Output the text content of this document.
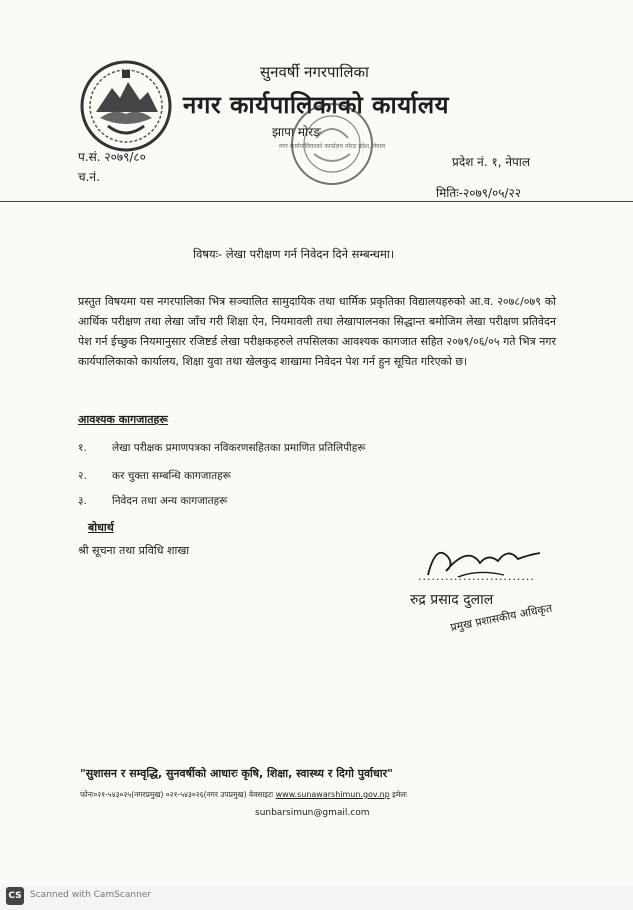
सुनवर्षी नगरपालिका
नगर कार्यपालिकाको कार्यालय
झापा मोरङ
नगर कार्यपालिकाको कार्यालय मोरङ प्रदेश, नेपाल
प.सं. २०७९/८०
च.नं.
प्रदेश नं. १, नेपाल
मितिः-२०७९/०५/२२
विषयः- लेखा परीक्षण गर्न निवेदन दिने सम्बन्धमा।
प्रस्तुत विषयमा यस नगरपालिका भित्र सञ्चालित सामुदायिक तथा धार्मिक प्रकृतिका विद्यालयहरुको आ.व. २०७८/०७९ को आर्थिक परीक्षण तथा लेखा जाँच गरी शिक्षा ऐन, नियमावली तथा लेखापालनका सिद्धान्त बमोजिम लेखा परीक्षण प्रतिवेदन पेश गर्न ईच्छुक नियमानुसार रजिष्टर्ड लेखा परीक्षकहरुले तपसिलका आवश्यक कागजात सहित २०७९/०६/०५ गते भित्र नगर कार्यपालिकाको कार्यालय, शिक्षा युवा तथा खेलकुद शाखामा निवेदन पेश गर्न हुन सूचित गरिएको छ।
आवश्यक कागजातहरू
१. लेखा परीक्षक प्रमाणपत्रका नविकरणसहितका प्रमाणित प्रतिलिपीहरू
२. कर चुक्ता सम्बन्धि कागजातहरू
३. निवेदन तथा अन्य कागजातहरू
बोधार्थ
श्री सूचना तथा प्रविधि शाखा
..........................
रुद्र प्रसाद दुलाल
प्रमुख प्रशासकीय अधिकृत
"सुशासन र सम्वृद्धि, सुनवर्षीको आधारः कृषि, शिक्षा, स्वास्थ्य र दिगो पुर्वाधार"
फोनः०२१-५४३०२५(नगरप्रमुख) ०२१-५४३०२६(नगर उपप्रमुख) वेवसाइटः www.sunawarshimun.gov.np इमेलः
sunbarsimun@gmail.com
CS Scanned with CamScanner
